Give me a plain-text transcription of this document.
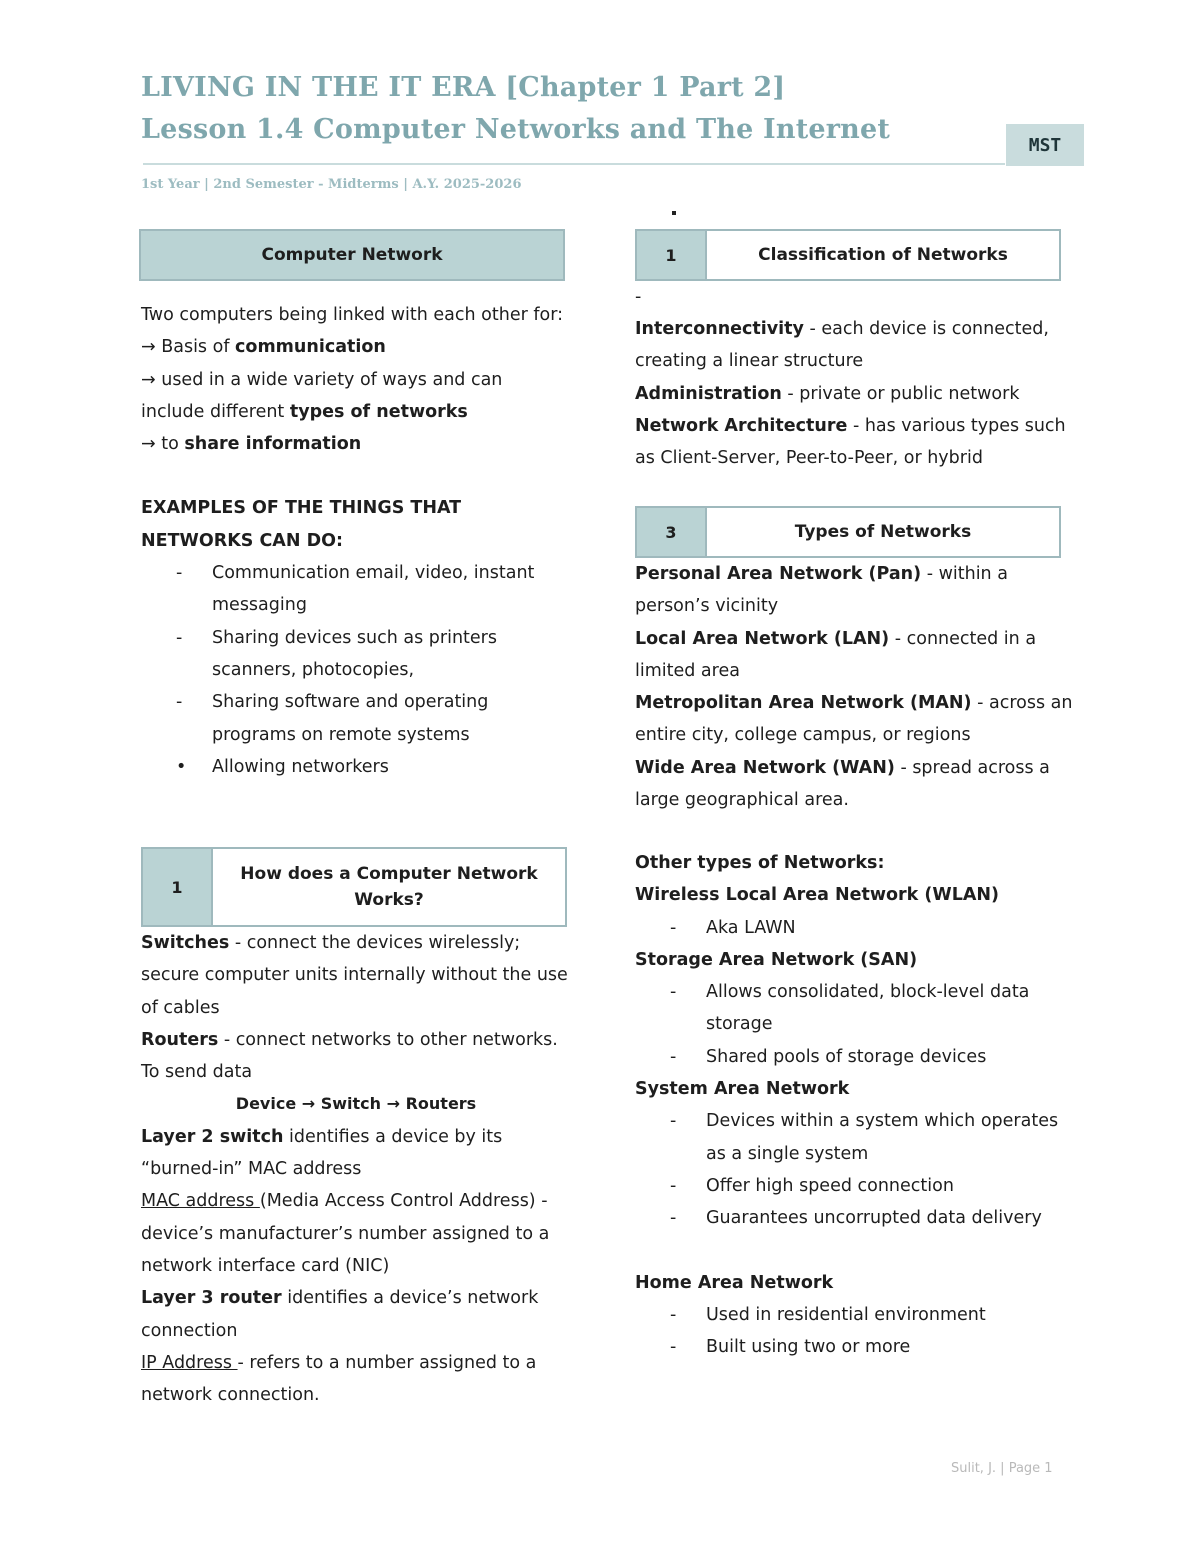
LIVING IN THE IT ERA [Chapter 1 Part 2]
Lesson 1.4 Computer Networks and The Internet	MST

1st Year | 2nd Semester - Midterms | A.Y. 2025-2026

Computer Network

Two computers being linked with each other for:

→ Basis of communication

→ used in a wide variety of ways and can include different types of networks

→ to share information

EXAMPLES OF THE THINGS THAT NETWORKS CAN DO:

- Communication email, video, instant messaging
- Sharing devices such as printers scanners, photocopies,
- Sharing software and operating programs on remote systems
• Allowing networkers
1
How does a Computer Network Works?

Switches - connect the devices wirelessly; secure computer units internally without the use of cables

Routers - connect networks to other networks. To send data

Device → Switch → Routers

Layer 2 switch identifies a device by its “burned-in” MAC address

MAC address (Media Access Control Address) - device’s manufacturer’s number assigned to a network interface card (NIC)

Layer 3 router identifies a device’s network connection

IP Address - refers to a number assigned to a network connection.

1	Classification of Networks

-

Interconnectivity - each device is connected, creating a linear structure

Administration - private or public network

Network Architecture - has various types such as Client-Server, Peer-to-Peer, or hybrid

3	Types of Networks

Personal Area Network (Pan) - within a person’s vicinity

Local Area Network (LAN) - connected in a limited area

Metropolitan Area Network (MAN) - across an entire city, college campus, or regions

Wide Area Network (WAN) - spread across a large geographical area.

Other types of Networks:

Wireless Local Area Network (WLAN)

- Aka LAWN

Storage Area Network (SAN)

- Allows consolidated, block-level data storage
- Shared pools of storage devices

System Area Network

- Devices within a system which operates as a single system
- Offer high speed connection
- Guarantees uncorrupted data delivery

Home Area Network

- Used in residential environment
- Built using two or more
Sulit, J. | Page 1
